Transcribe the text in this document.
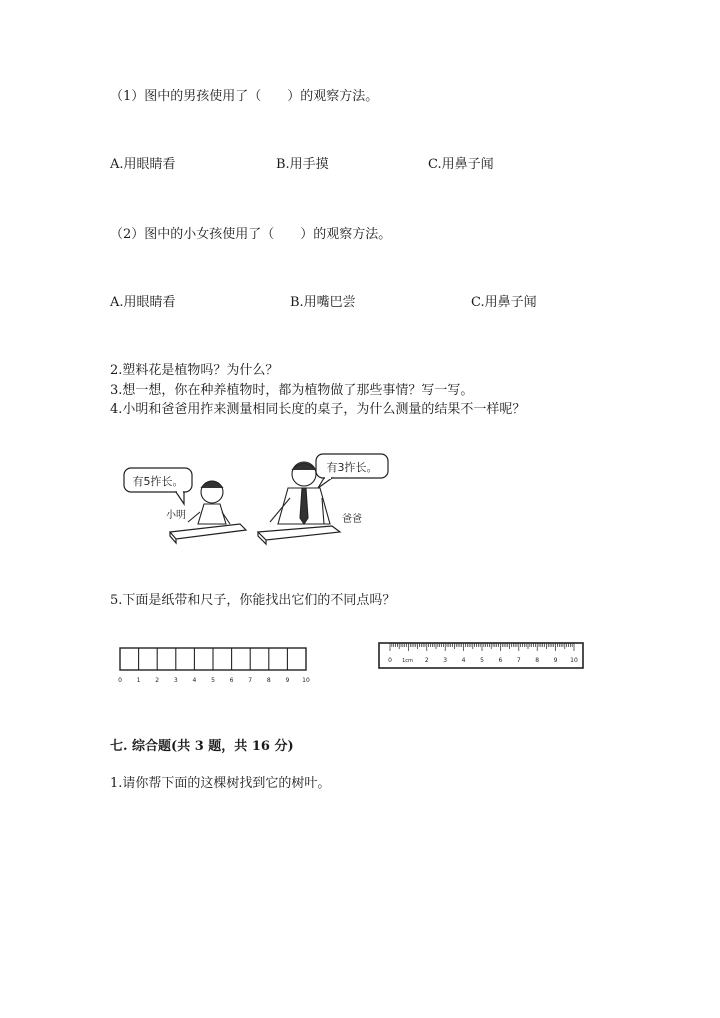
（1）图中的男孩使用了（　　）的观察方法。
A.用眼睛看	B.用手摸	C.用鼻子闻
（2）图中的小女孩使用了（　　）的观察方法。
A.用眼睛看	B.用嘴巴尝	C.用鼻子闻
2.塑料花是植物吗？为什么？
3.想一想，你在种养植物时，都为植物做了那些事情？写一写。
4.小明和爸爸用拃来测量相同长度的桌子，为什么测量的结果不一样呢？
有5拃长。
小明
有3拃长。
爸爸
5.下面是纸带和尺子，你能找出它们的不同点吗？
0 1 2 3 4 5 6 7 8 9 10
0	2 3 4 5 6 7 8 9 10
1cm
七. 综合题(共 3 题，共 16 分)
1.请你帮下面的这棵树找到它的树叶。
